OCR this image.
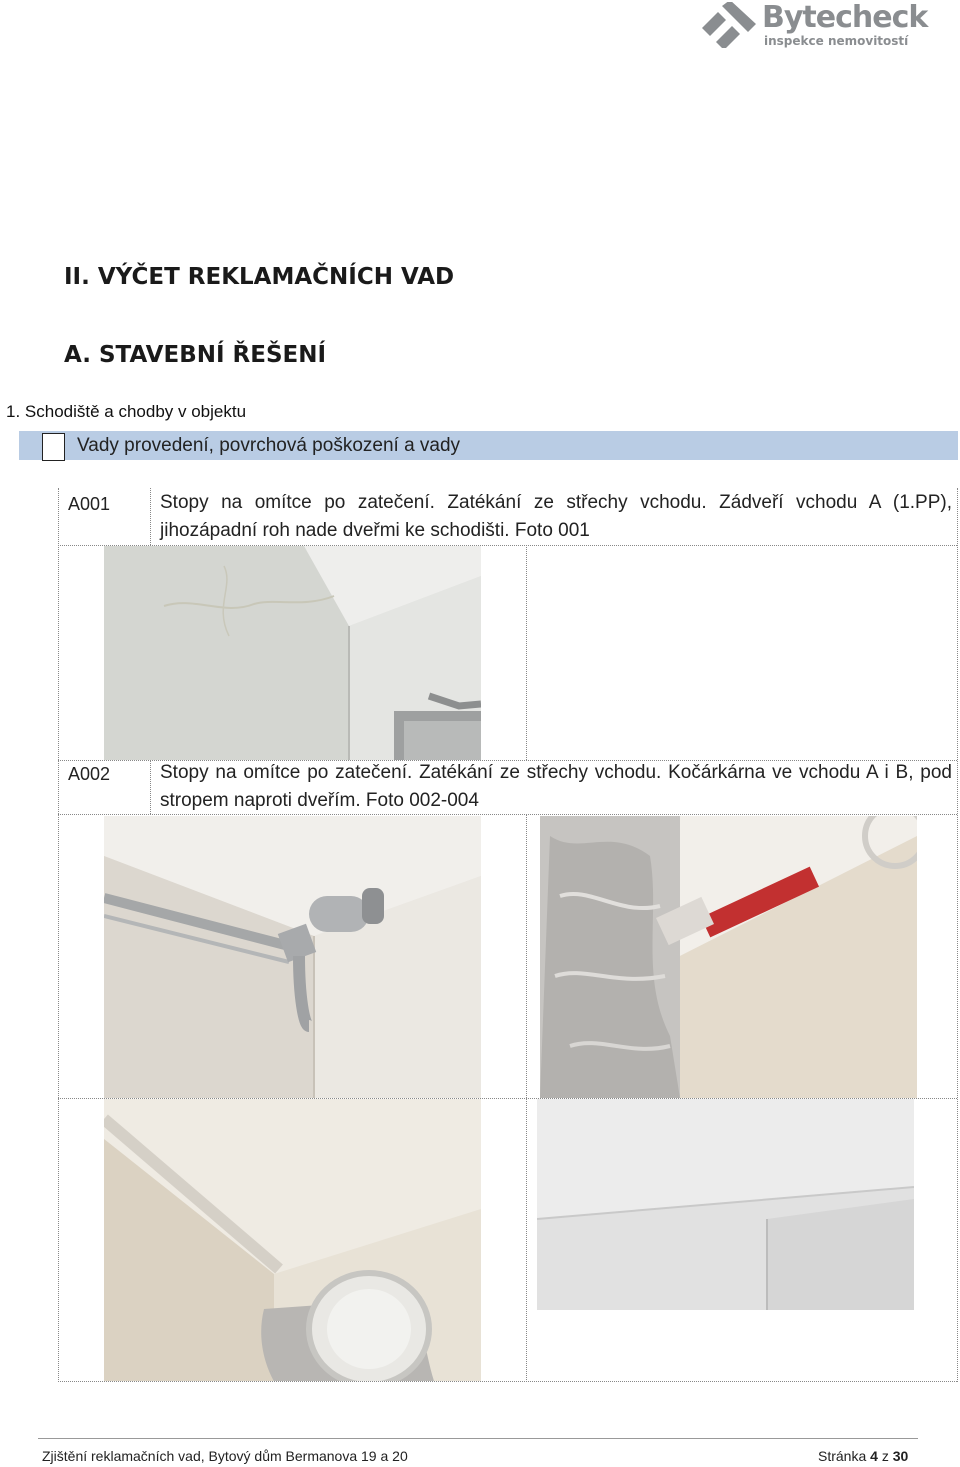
Bytecheck
inspekce nemovitostí
II. VÝČET REKLAMAČNÍCH VAD
A. STAVEBNÍ ŘEŠENÍ
1. Schodiště a chodby v objektu
Vady provedení, povrchová poškození a vady
A001	Stopy na omítce po zatečení. Zatékání ze střechy vchodu. Zádveří vchodu A (1.PP), jihozápadní roh nade dveřmi ke schodišti. Foto 001
A002	Stopy na omítce po zatečení. Zatékání ze střechy vchodu. Kočárkárna ve vchodu A i B, pod stropem naproti dveřím. Foto 002-004
Zjištění reklamačních vad, Bytový dům Bermanova 19 a 20	Stránka 4 z 30
